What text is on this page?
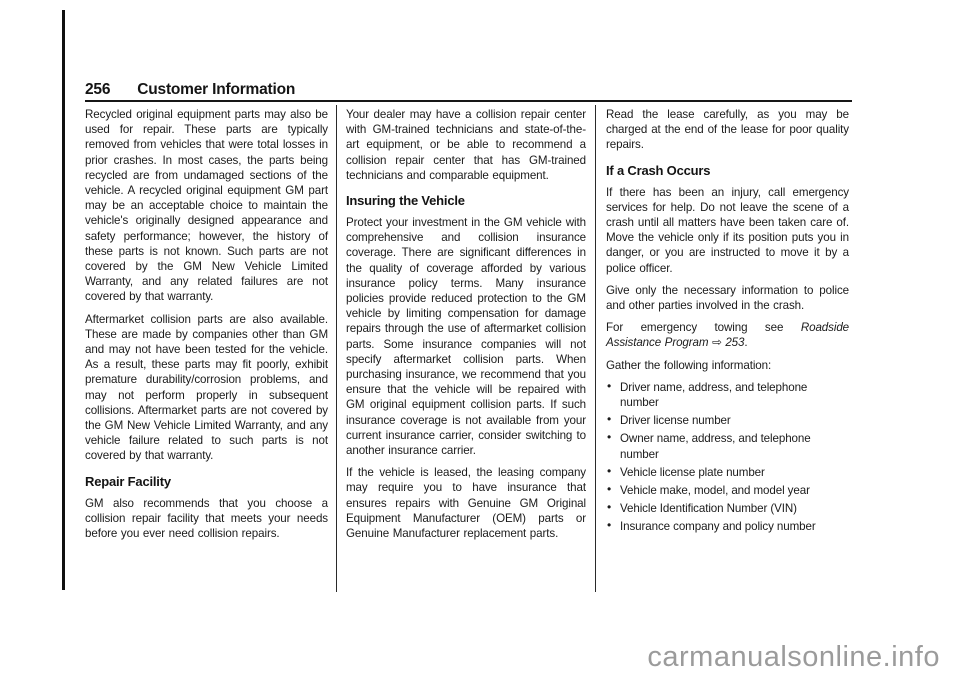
256 Customer Information

Recycled original equipment parts may also be used for repair. These parts are typically removed from vehicles that were total losses in prior crashes. In most cases, the parts being recycled are from undamaged sections of the vehicle. A recycled original equipment GM part may be an acceptable choice to maintain the vehicle's originally designed appearance and safety performance; however, the history of these parts is not known. Such parts are not covered by the GM New Vehicle Limited Warranty, and any related failures are not covered by that warranty.

Aftermarket collision parts are also available. These are made by companies other than GM and may not have been tested for the vehicle. As a result, these parts may fit poorly, exhibit premature durability/corrosion problems, and may not perform properly in subsequent collisions. Aftermarket parts are not covered by the GM New Vehicle Limited Warranty, and any vehicle failure related to such parts is not covered by that warranty.

Repair Facility

GM also recommends that you choose a collision repair facility that meets your needs before you ever need collision repairs.

Your dealer may have a collision repair center with GM-trained technicians and state-of-the-art equipment, or be able to recommend a collision repair center that has GM-trained technicians and comparable equipment.

Insuring the Vehicle

Protect your investment in the GM vehicle with comprehensive and collision insurance coverage. There are significant differences in the quality of coverage afforded by various insurance policy terms. Many insurance policies provide reduced protection to the GM vehicle by limiting compensation for damage repairs through the use of aftermarket collision parts. Some insurance companies will not specify aftermarket collision parts. When purchasing insurance, we recommend that you ensure that the vehicle will be repaired with GM original equipment collision parts. If such insurance coverage is not available from your current insurance carrier, consider switching to another insurance carrier.

If the vehicle is leased, the leasing company may require you to have insurance that ensures repairs with Genuine GM Original Equipment Manufacturer (OEM) parts or Genuine Manufacturer replacement parts.

Read the lease carefully, as you may be charged at the end of the lease for poor quality repairs.

If a Crash Occurs

If there has been an injury, call emergency services for help. Do not leave the scene of a crash until all matters have been taken care of. Move the vehicle only if its position puts you in danger, or you are instructed to move it by a police officer.

Give only the necessary information to police and other parties involved in the crash.

For emergency towing see Roadside Assistance Program ⇨ 253.

Gather the following information:

• Driver name, address, and telephone number
• Driver license number
• Owner name, address, and telephone number
• Vehicle license plate number
• Vehicle make, model, and model year
• Vehicle Identification Number (VIN)
• Insurance company and policy number
carmanualsonline.info
